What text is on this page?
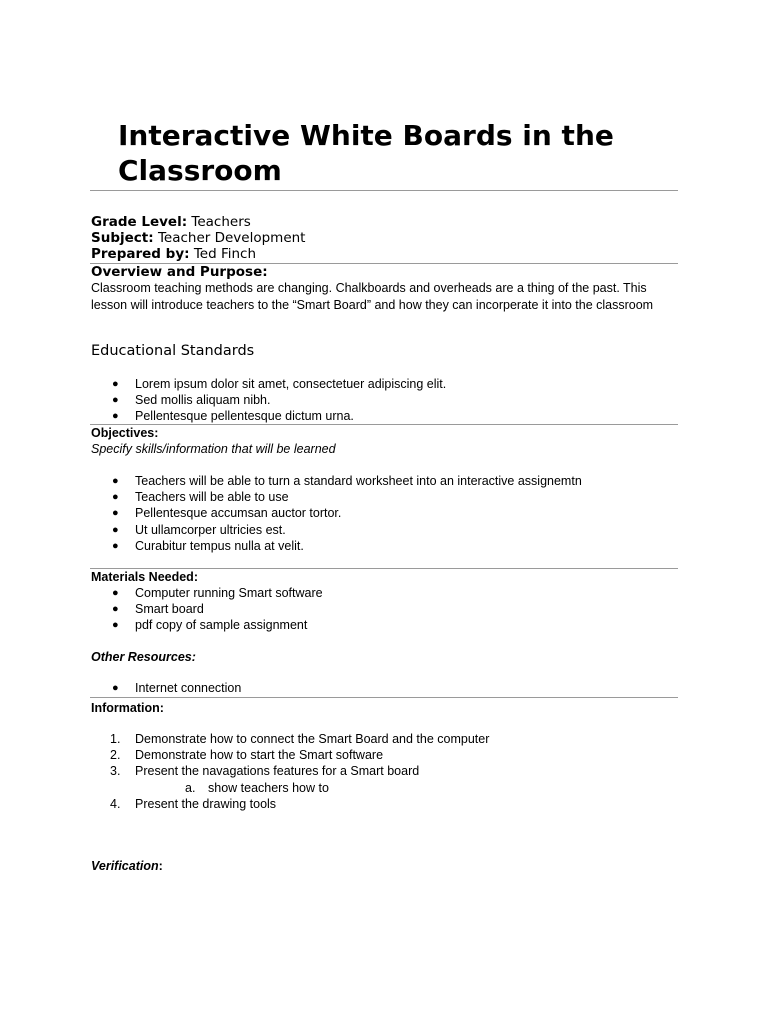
Interactive White Boards in the Classroom
Grade Level: Teachers
Subject: Teacher Development
Prepared by: Ted Finch
Overview and Purpose:
Classroom teaching methods are changing. Chalkboards and overheads are a thing of the past. This lesson will introduce teachers to the “Smart Board” and how they can incorperate it into the classroom
Educational Standards
● Lorem ipsum dolor sit amet, consectetuer adipiscing elit.
● Sed mollis aliquam nibh.
● Pellentesque pellentesque dictum urna.
Objectives:
Specify skills/information that will be learned
● Teachers will be able to turn a standard worksheet into an interactive assignemtn
● Teachers will be able to use
● Pellentesque accumsan auctor tortor.
● Ut ullamcorper ultricies est.
● Curabitur tempus nulla at velit.
Materials Needed:
● Computer running Smart software
● Smart board
● pdf copy of sample assignment
Other Resources:
● Internet connection
Information:
1.	Demonstrate how to connect the Smart Board and the computer
2.	Demonstrate how to start the Smart software
3.	Present the navagations features for a Smart board
a.	show teachers how to
4.	Present the drawing tools
Verification:
